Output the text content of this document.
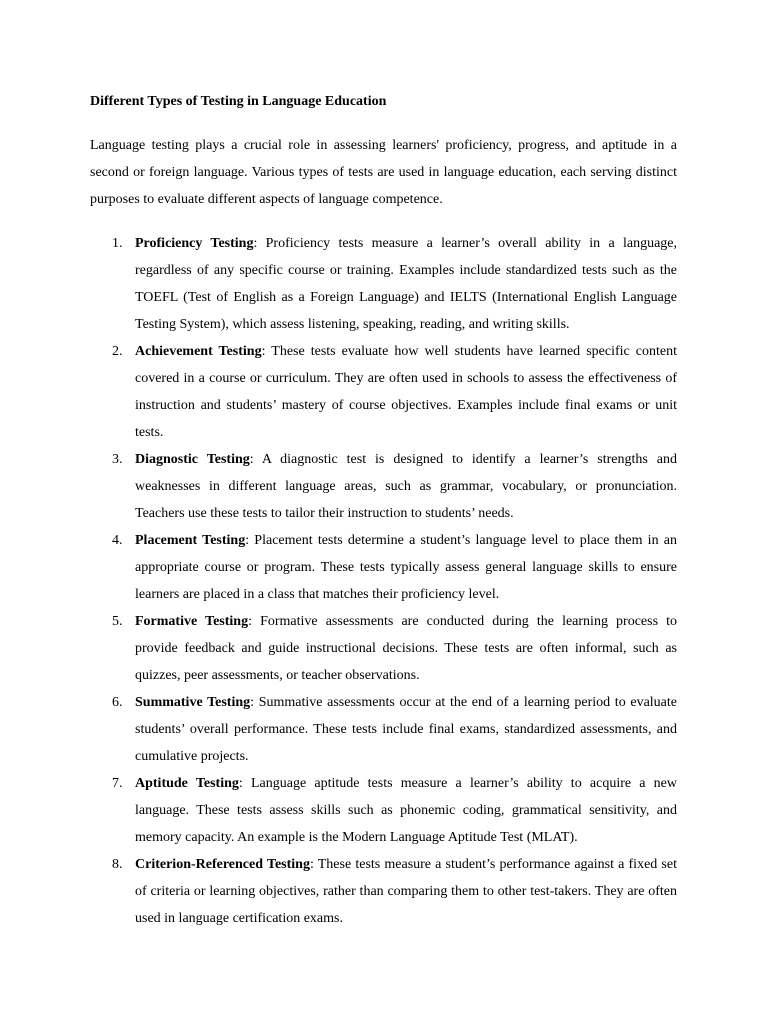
Different Types of Testing in Language Education

Language testing plays a crucial role in assessing learners' proficiency, progress, and aptitude in a second or foreign language. Various types of tests are used in language education, each serving distinct purposes to evaluate different aspects of language competence.

1. Proficiency Testing: Proficiency tests measure a learner’s overall ability in a language, regardless of any specific course or training. Examples include standardized tests such as the TOEFL (Test of English as a Foreign Language) and IELTS (International English Language Testing System), which assess listening, speaking, reading, and writing skills.
2. Achievement Testing: These tests evaluate how well students have learned specific content covered in a course or curriculum. They are often used in schools to assess the effectiveness of instruction and students’ mastery of course objectives. Examples include final exams or unit tests.
3. Diagnostic Testing: A diagnostic test is designed to identify a learner’s strengths and weaknesses in different language areas, such as grammar, vocabulary, or pronunciation. Teachers use these tests to tailor their instruction to students’ needs.
4. Placement Testing: Placement tests determine a student’s language level to place them in an appropriate course or program. These tests typically assess general language skills to ensure learners are placed in a class that matches their proficiency level.
5. Formative Testing: Formative assessments are conducted during the learning process to provide feedback and guide instructional decisions. These tests are often informal, such as quizzes, peer assessments, or teacher observations.
6. Summative Testing: Summative assessments occur at the end of a learning period to evaluate students’ overall performance. These tests include final exams, standardized assessments, and cumulative projects.
7. Aptitude Testing: Language aptitude tests measure a learner’s ability to acquire a new language. These tests assess skills such as phonemic coding, grammatical sensitivity, and memory capacity. An example is the Modern Language Aptitude Test (MLAT).
8. Criterion-Referenced Testing: These tests measure a student’s performance against a fixed set of criteria or learning objectives, rather than comparing them to other test-takers. They are often used in language certification exams.
